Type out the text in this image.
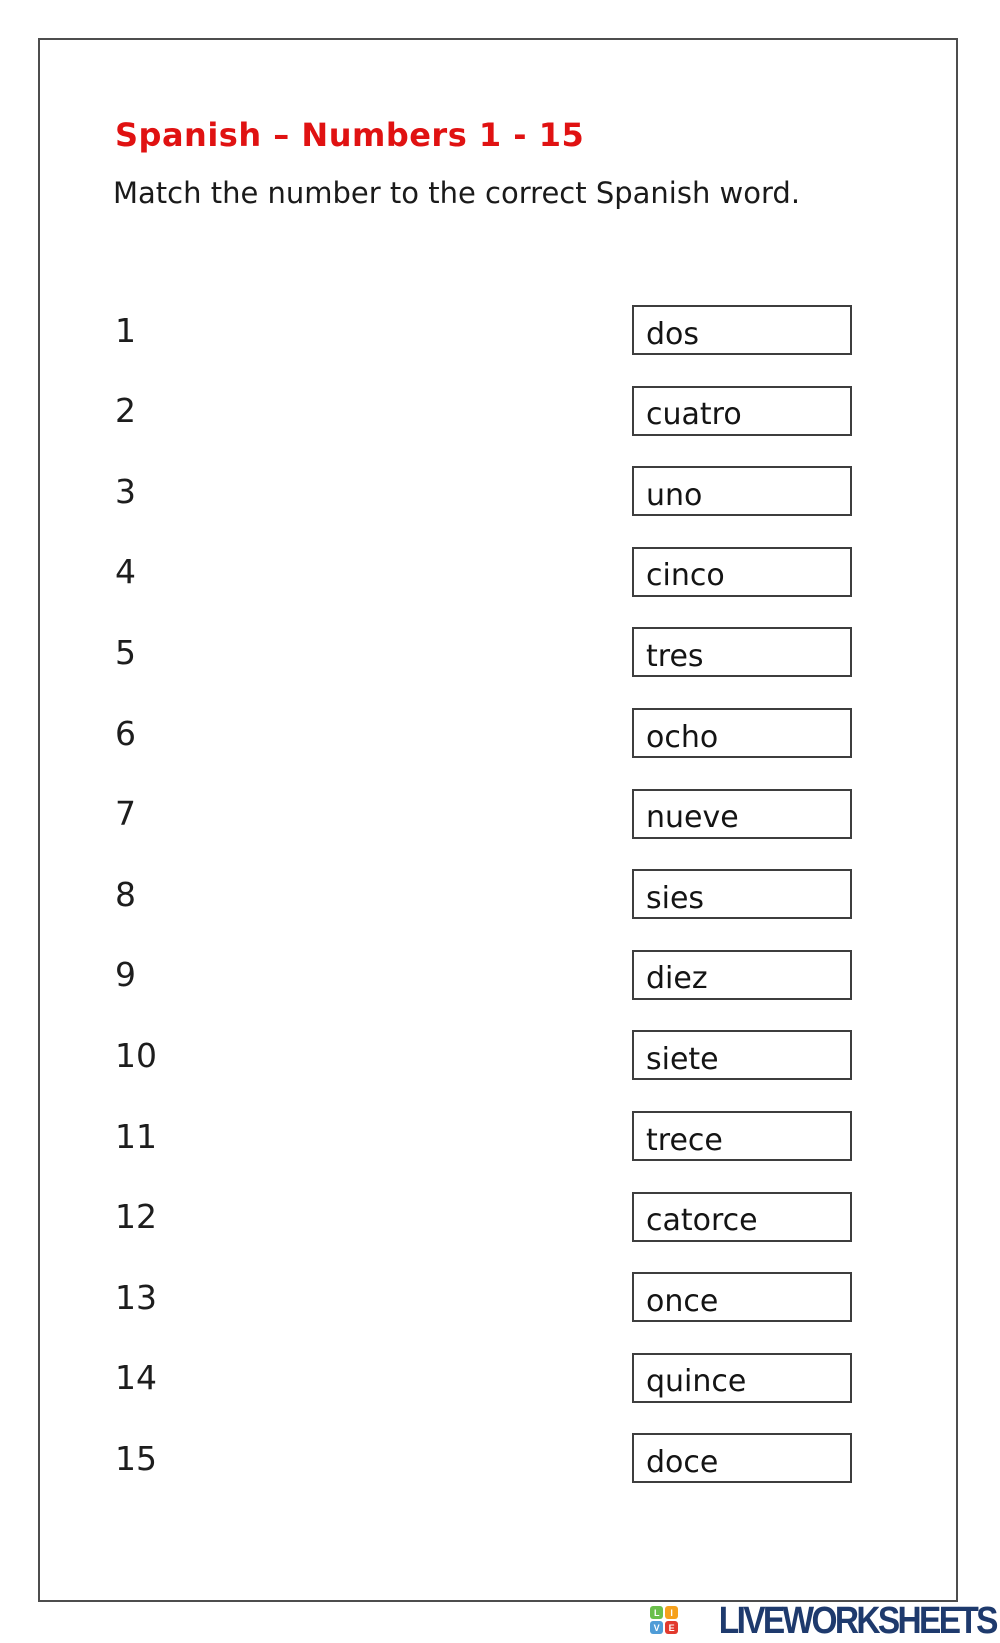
Spanish – Numbers 1 - 15
Match the number to the correct Spanish word.
1	dos
2	cuatro
3	uno
4	cinco
5	tres
6	ocho
7	nueve
8	sies
9	diez
10	siete
11	trece
12	catorce
13	once
14	quince
15	doce
L	I
V E LIVEWORKSHEETS
